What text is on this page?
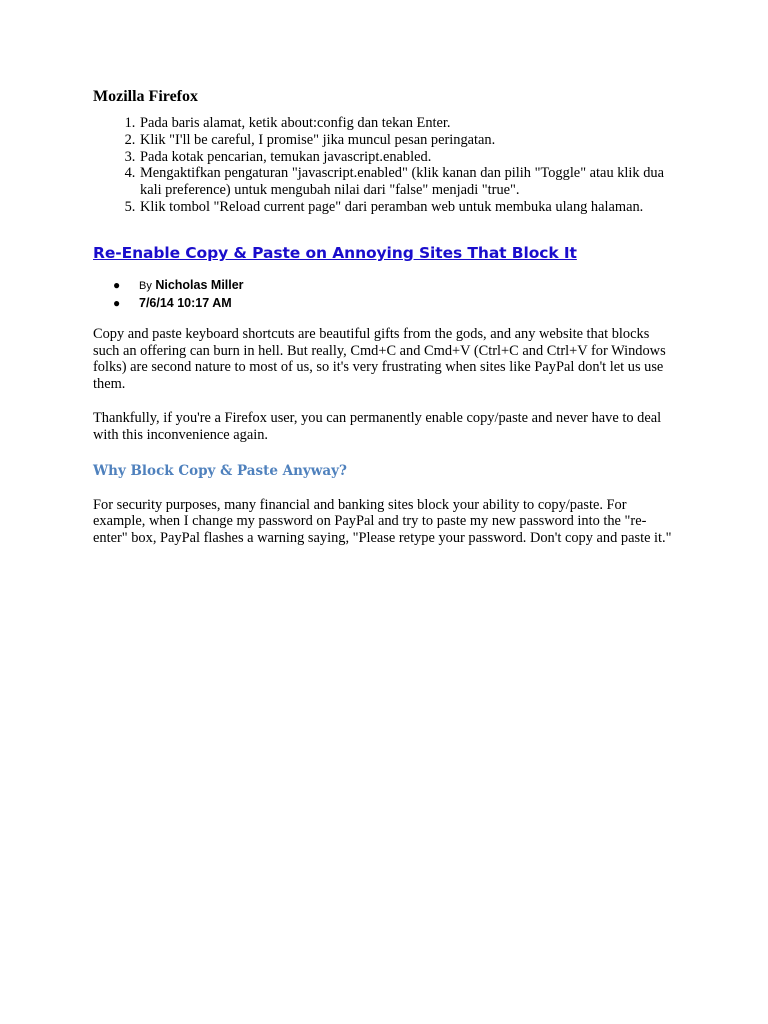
Mozilla Firefox
1. Pada baris alamat, ketik about:config dan tekan Enter.
2. Klik "I'll be careful, I promise" jika muncul pesan peringatan.
3. Pada kotak pencarian, temukan javascript.enabled.
4. Mengaktifkan pengaturan "javascript.enabled" (klik kanan dan pilih "Toggle" atau klik dua kali preference) untuk mengubah nilai dari "false" menjadi "true".
5. Klik tombol "Reload current page" dari peramban web untuk membuka ulang halaman.
Re-Enable Copy & Paste on Annoying Sites That Block It
● By Nicholas Miller
● 7/6/14 10:17 AM

Copy and paste keyboard shortcuts are beautiful gifts from the gods, and any website that blocks such an offering can burn in hell. But really, Cmd+C and Cmd+V (Ctrl+C and Ctrl+V for Windows folks) are second nature to most of us, so it's very frustrating when sites like PayPal don't let us use them.

Thankfully, if you're a Firefox user, you can permanently enable copy/paste and never have to deal with this inconvenience again.

Why Block Copy & Paste Anyway?

For security purposes, many financial and banking sites block your ability to copy/paste. For example, when I change my password on PayPal and try to paste my new password into the "re-enter" box, PayPal flashes a warning saying, "Please retype your password. Don't copy and paste it."
